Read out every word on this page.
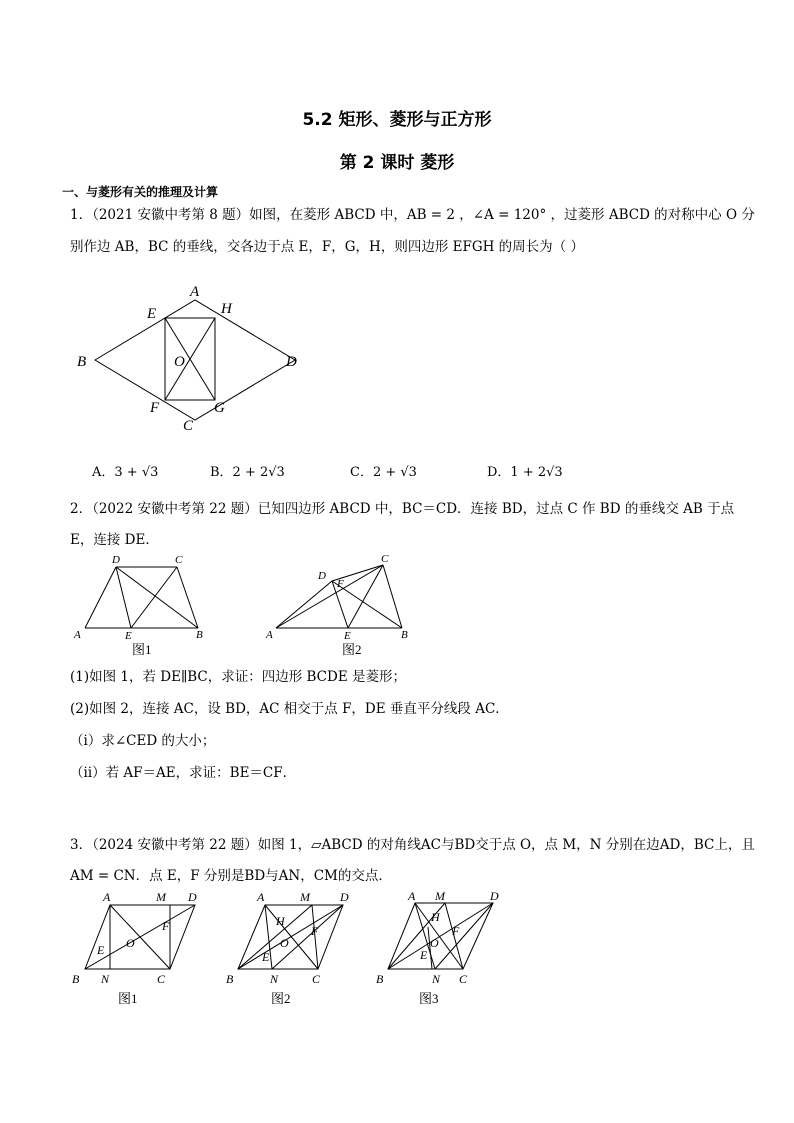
5.2 矩形、菱形与正方形
第 2 课时 菱形
一、与菱形有关的推理及计算
1．（2021 安徽中考第 8 题）如图，在菱形 ABCD 中，AB = 2 ，∠A = 120° ，过菱形 ABCD 的对称中心 O 分
别作边 AB，BC 的垂线，交各边于点 E，F，G，H，则四边形 EFGH 的周长为（ ）
A
B
C
D
E
F	G
H
O
A．3 + √3	B．2 + 2√3	C．2 + √3	D．1 + 2√3
2．（2022 安徽中考第 22 题）已知四边形 ABCD 中，BC＝CD．连接 BD，过点 C 作 BD 的垂线交 AB 于点
E，连接 DE．
A	B
C
D
E
图1
A	B
C
D
E
F
图2
(1)如图 1，若 DE∥BC，求证：四边形 BCDE 是菱形；
(2)如图 2，连接 AC，设 BD，AC 相交于点 F，DE 垂直平分线段 AC．
（ⅰ）求∠CED 的大小；
（ⅱ）若 AF＝AE，求证：BE＝CF．
3．（2024 安徽中考第 22 题）如图 1，▱ABCD 的对角线AC与BD交于点 O，点 M，N 分别在边AD，BC上，且
AM = CN．点 E，F 分别是BD与AN，CM的交点．
A	M D
B N	C
E O
F
图1
A	M	D
B	N	C
H
E
O
F
图2
A M	D
B	N C
H
E
O
F
图3
